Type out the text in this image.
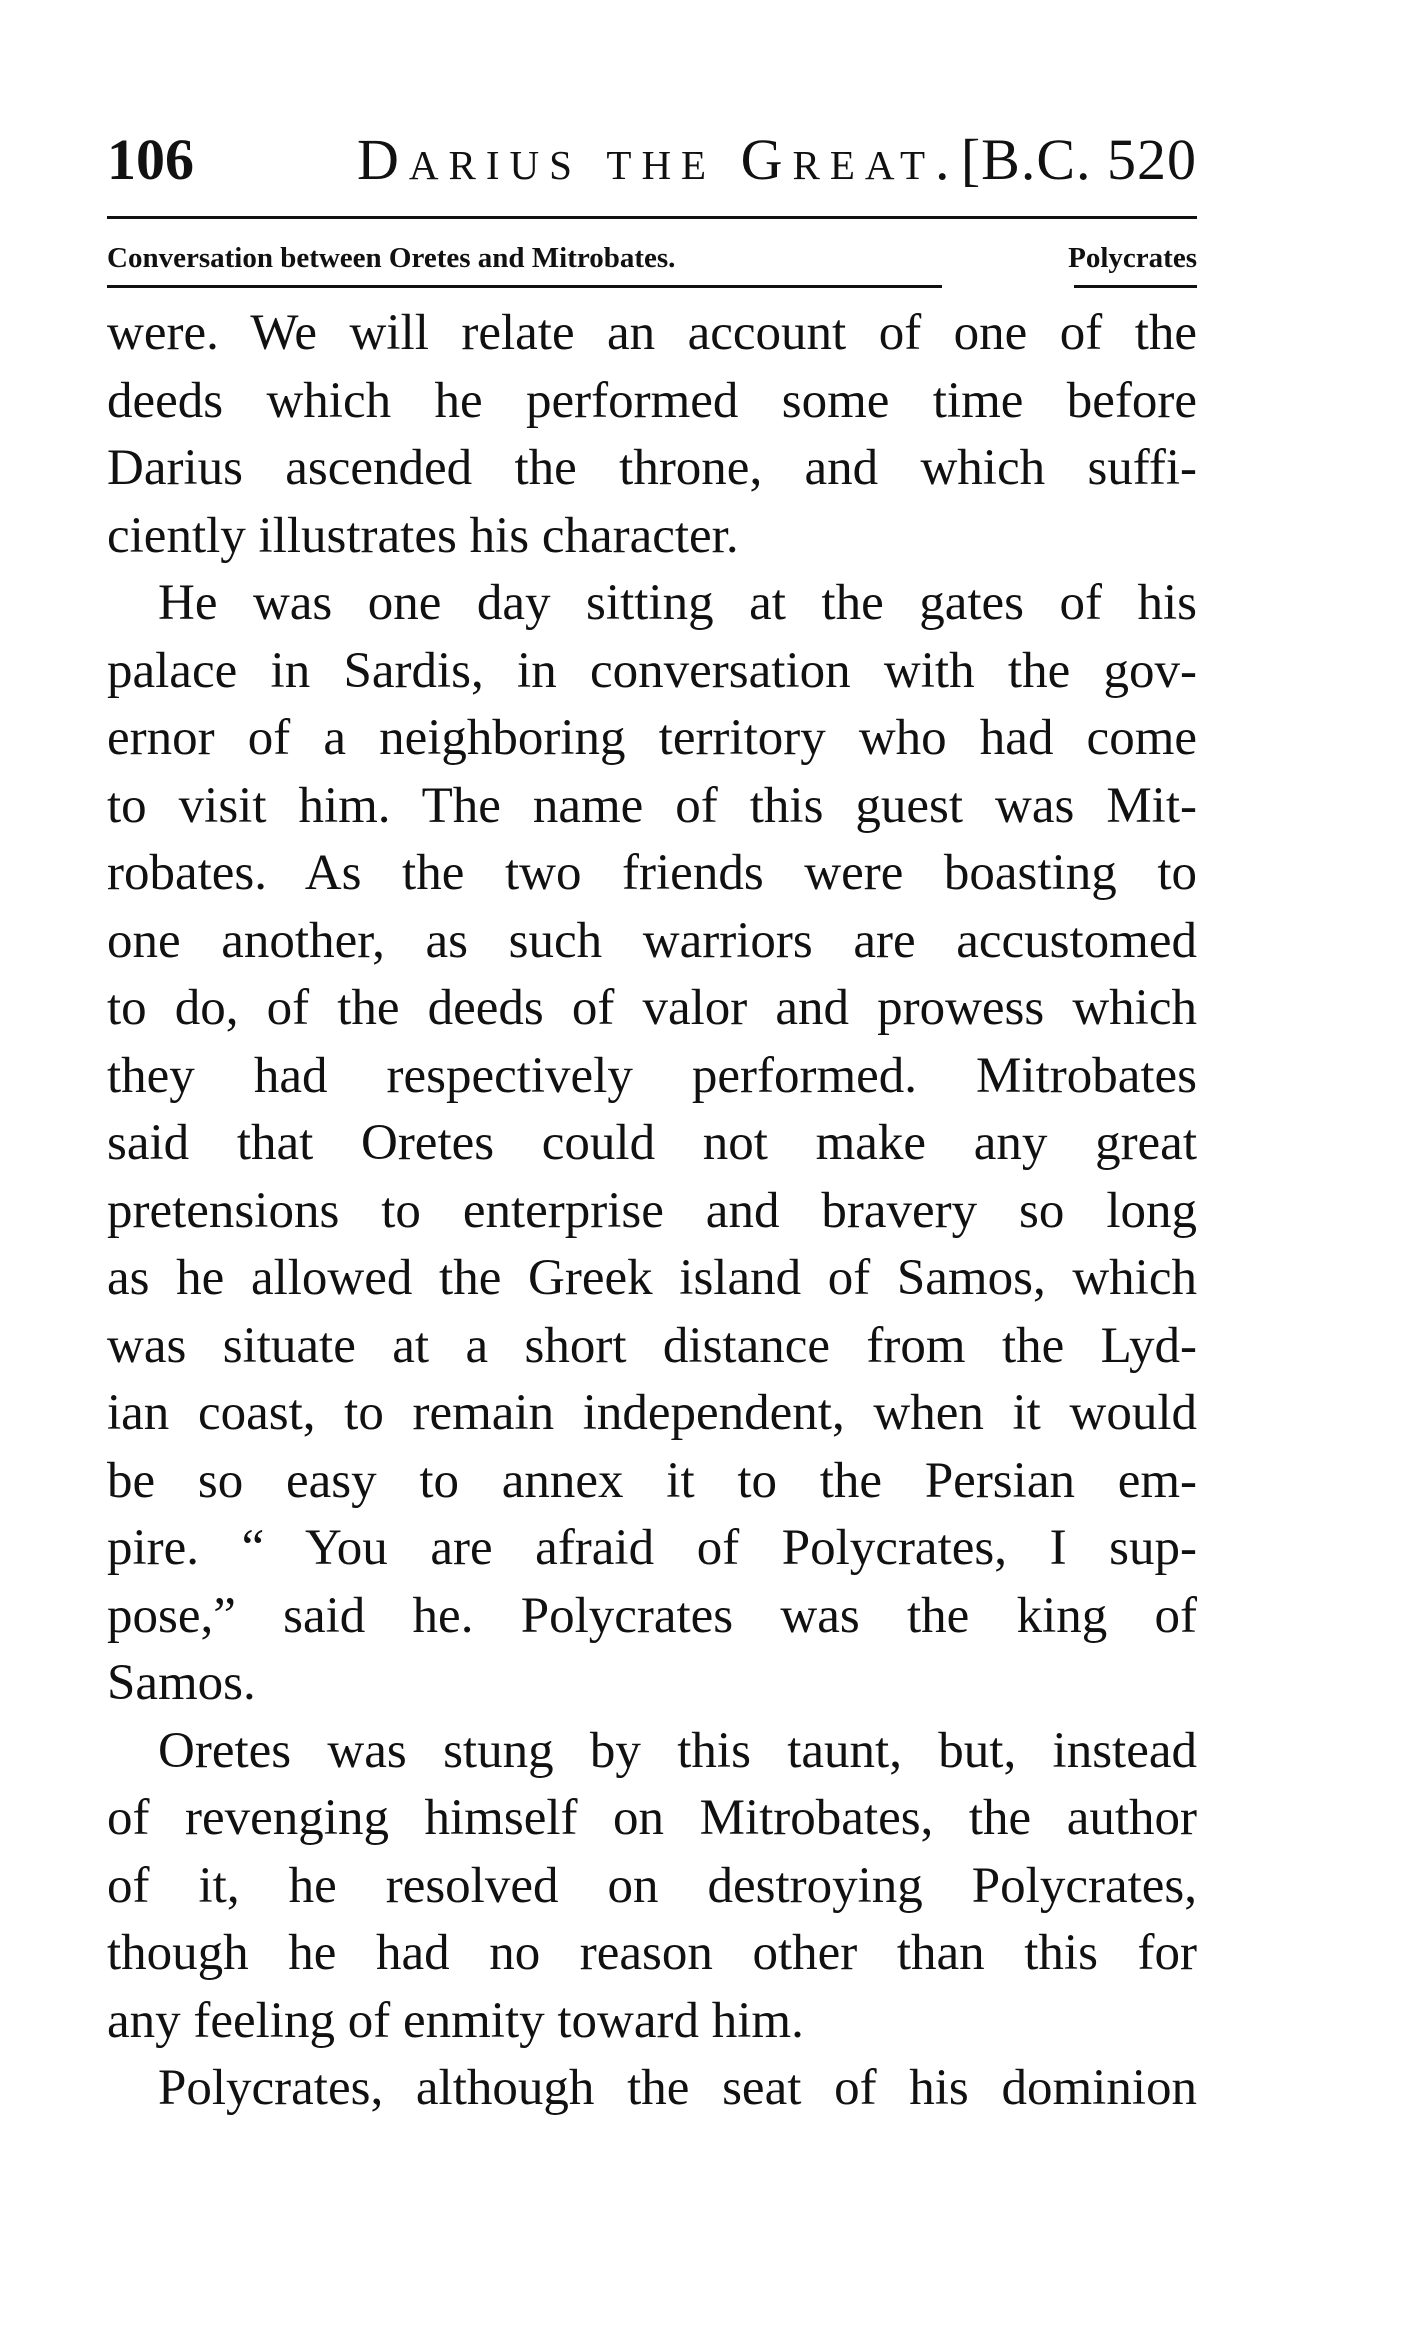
106	Darius the Great. [B.C. 520
Conversation between Oretes and Mitrobates.	Polycrates
were. We will relate an account of one of the
deeds which he performed some time before
Darius ascended the throne, and which suffi-
ciently illustrates his character.
He was one day sitting at the gates of his
palace in Sardis, in conversation with the gov-
ernor of a neighboring territory who had come
to visit him. The name of this guest was Mit-
robates. As the two friends were boasting to
one another, as such warriors are accustomed
to do, of the deeds of valor and prowess which
they had respectively performed. Mitrobates
said that Oretes could not make any great
pretensions to enterprise and bravery so long
as he allowed the Greek island of Samos, which
was situate at a short distance from the Lyd-
ian coast, to remain independent, when it would
be so easy to annex it to the Persian em-
pire. “ You are afraid of Polycrates, I sup-
pose,” said he. Polycrates was the king of
Samos.
Oretes was stung by this taunt, but, instead
of revenging himself on Mitrobates, the author
of it, he resolved on destroying Polycrates,
though he had no reason other than this for
any feeling of enmity toward him.
Polycrates, although the seat of his dominion
